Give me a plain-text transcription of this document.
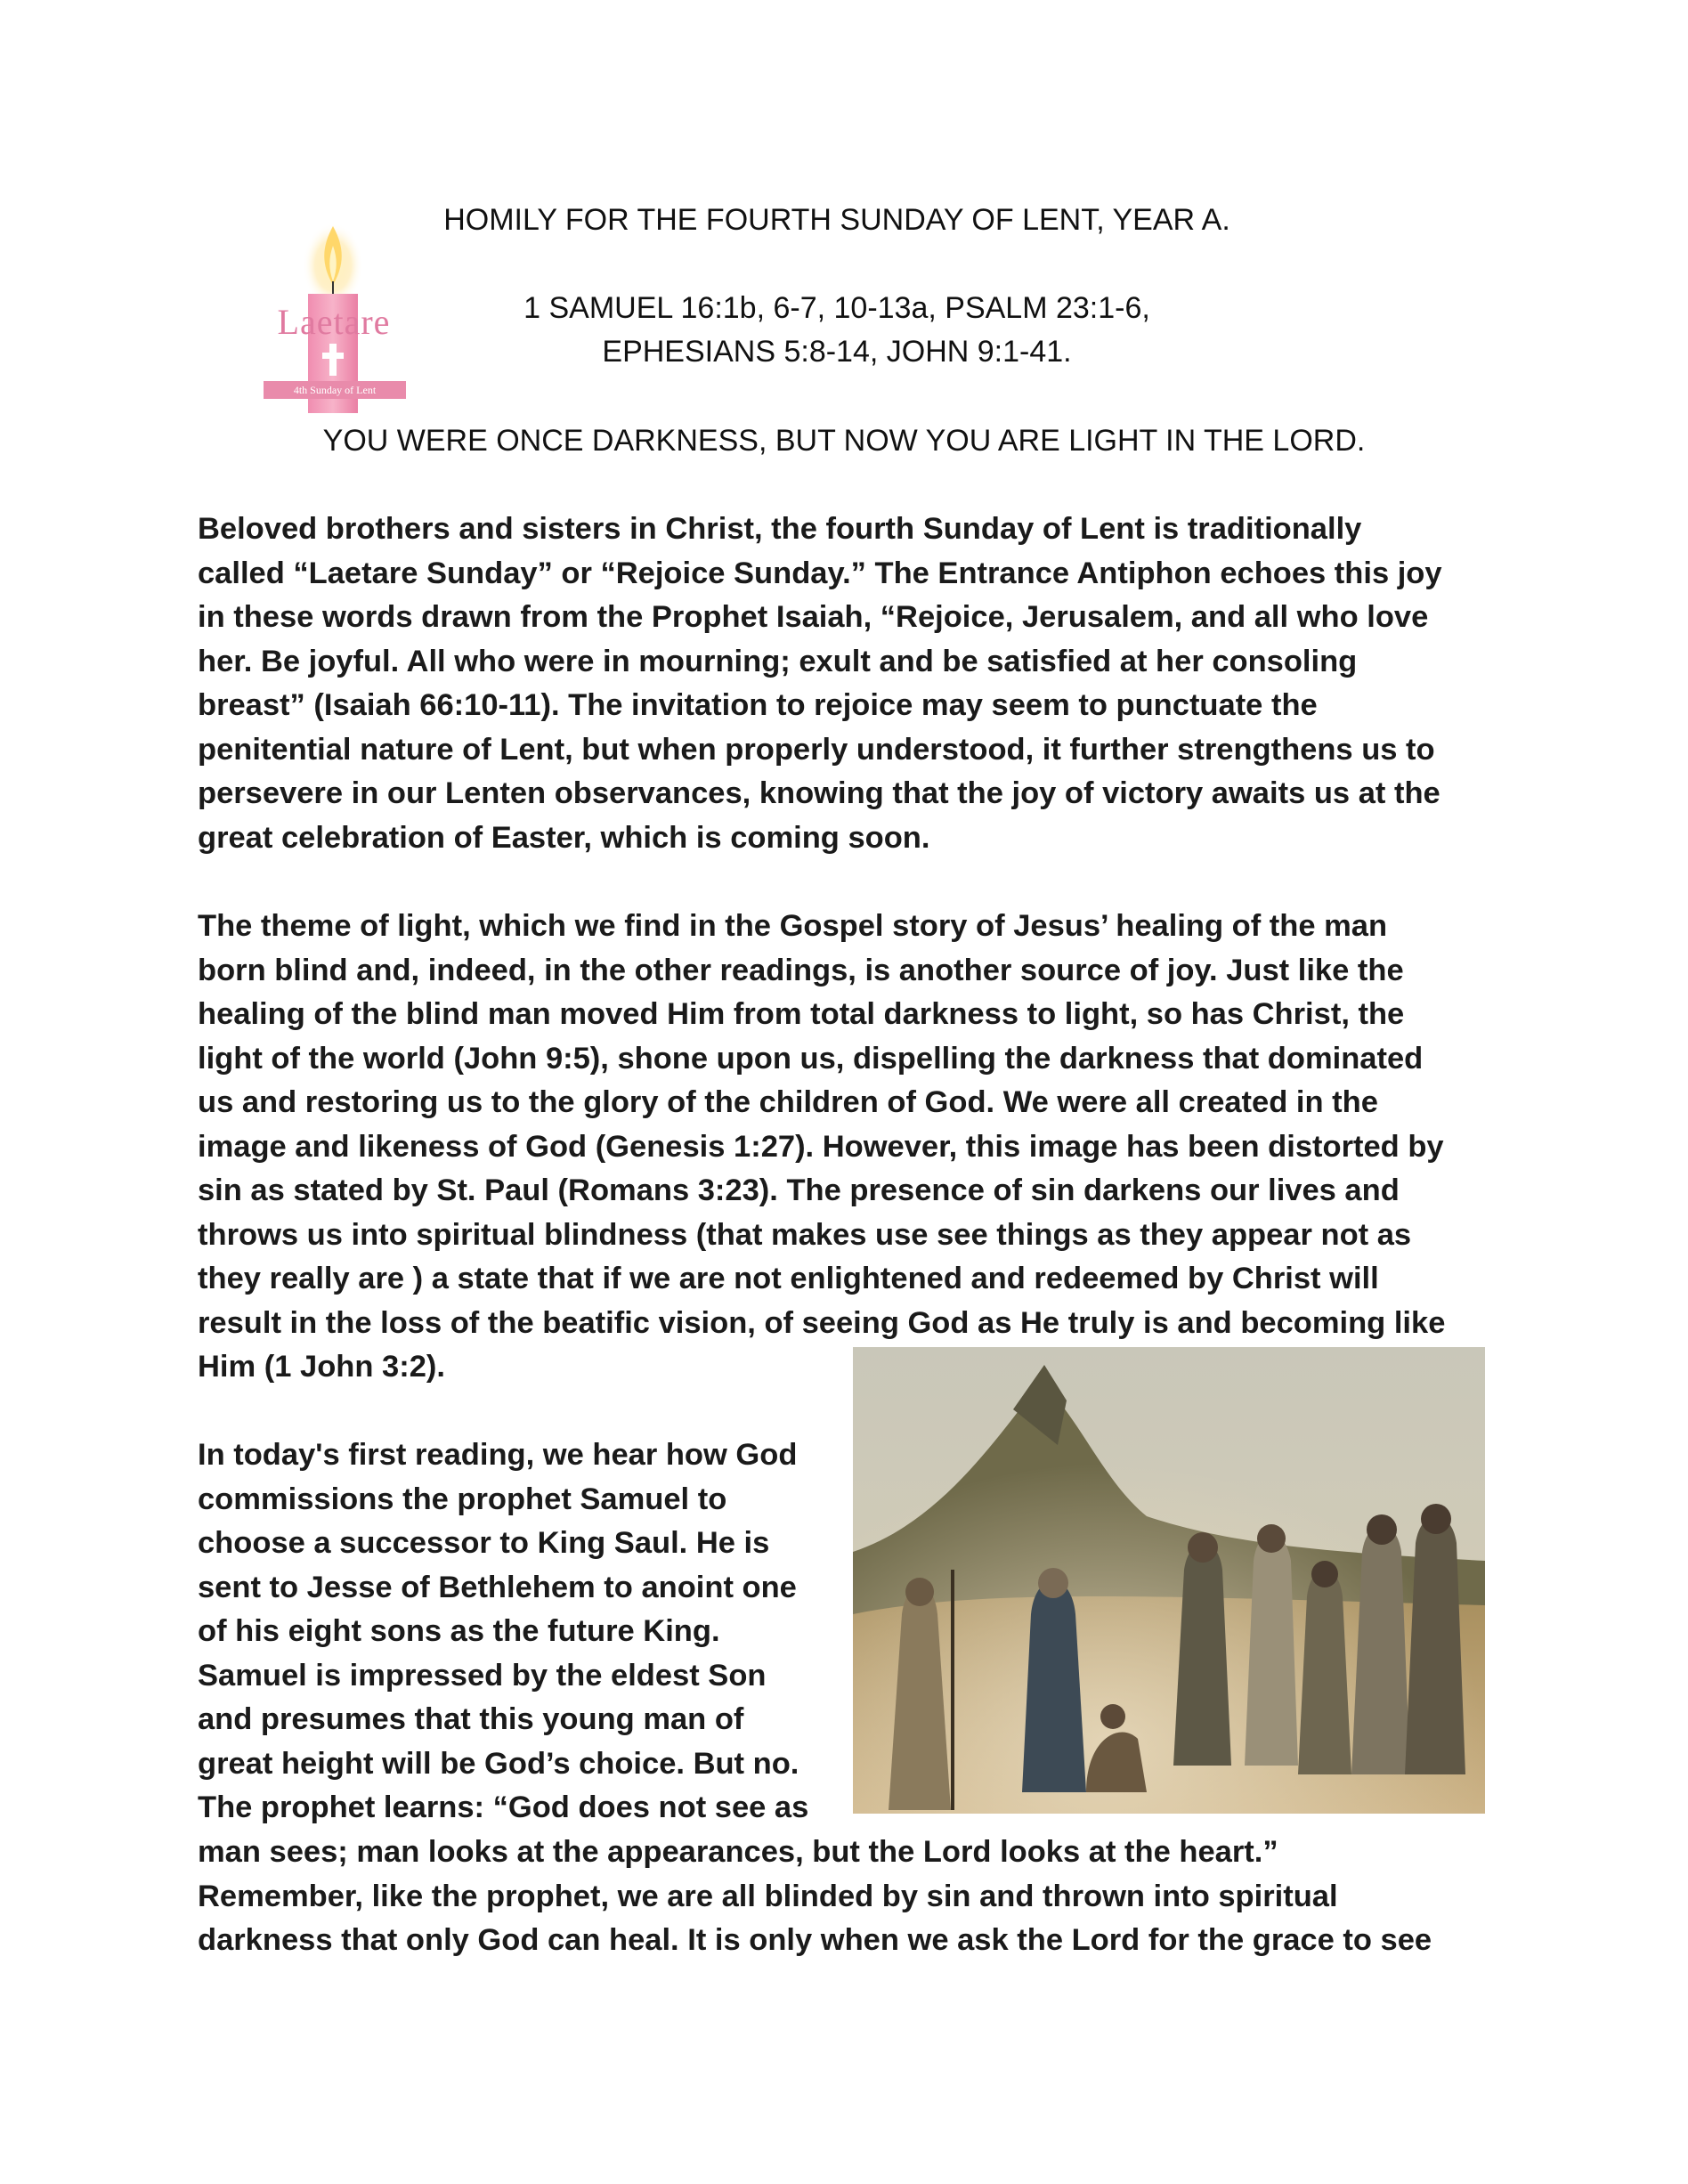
Laetare
4th Sunday of Lent
HOMILY FOR THE FOURTH SUNDAY OF LENT, YEAR A.
1 SAMUEL 16:1b, 6-7, 10-13a, PSALM 23:1-6,
EPHESIANS 5:8-14, JOHN 9:1-41.
YOU WERE ONCE DARKNESS, BUT NOW YOU ARE LIGHT IN THE LORD.
Beloved brothers and sisters in Christ, the fourth Sunday of Lent is traditionally
called “Laetare Sunday” or “Rejoice Sunday.” The Entrance Antiphon echoes this joy
in these words drawn from the Prophet Isaiah, “Rejoice, Jerusalem, and all who love
her. Be joyful. All who were in mourning; exult and be satisfied at her consoling
breast” (Isaiah 66:10-11). The invitation to rejoice may seem to punctuate the
penitential nature of Lent, but when properly understood, it further strengthens us to
persevere in our Lenten observances, knowing that the joy of victory awaits us at the
great celebration of Easter, which is coming soon.
The theme of light, which we find in the Gospel story of Jesus’ healing of the man
born blind and, indeed, in the other readings, is another source of joy. Just like the
healing of the blind man moved Him from total darkness to light, so has Christ, the
light of the world (John 9:5), shone upon us, dispelling the darkness that dominated
us and restoring us to the glory of the children of God. We were all created in the
image and likeness of God (Genesis 1:27). However, this image has been distorted by
sin as stated by St. Paul (Romans 3:23). The presence of sin darkens our lives and
throws us into spiritual blindness (that makes use see things as they appear not as
they really are ) a state that if we are not enlightened and redeemed by Christ will
result in the loss of the beatific vision, of seeing God as He truly is and becoming like
Him (1 John 3:2).
In today's first reading, we hear how God
commissions the prophet Samuel to
choose a successor to King Saul. He is
sent to Jesse of Bethlehem to anoint one
of his eight sons as the future King.
Samuel is impressed by the eldest Son
and presumes that this young man of
great height will be God’s choice. But no.
The prophet learns: “God does not see as
man sees; man looks at the appearances, but the Lord looks at the heart.”
Remember, like the prophet, we are all blinded by sin and thrown into spiritual
darkness that only God can heal. It is only when we ask the Lord for the grace to see
